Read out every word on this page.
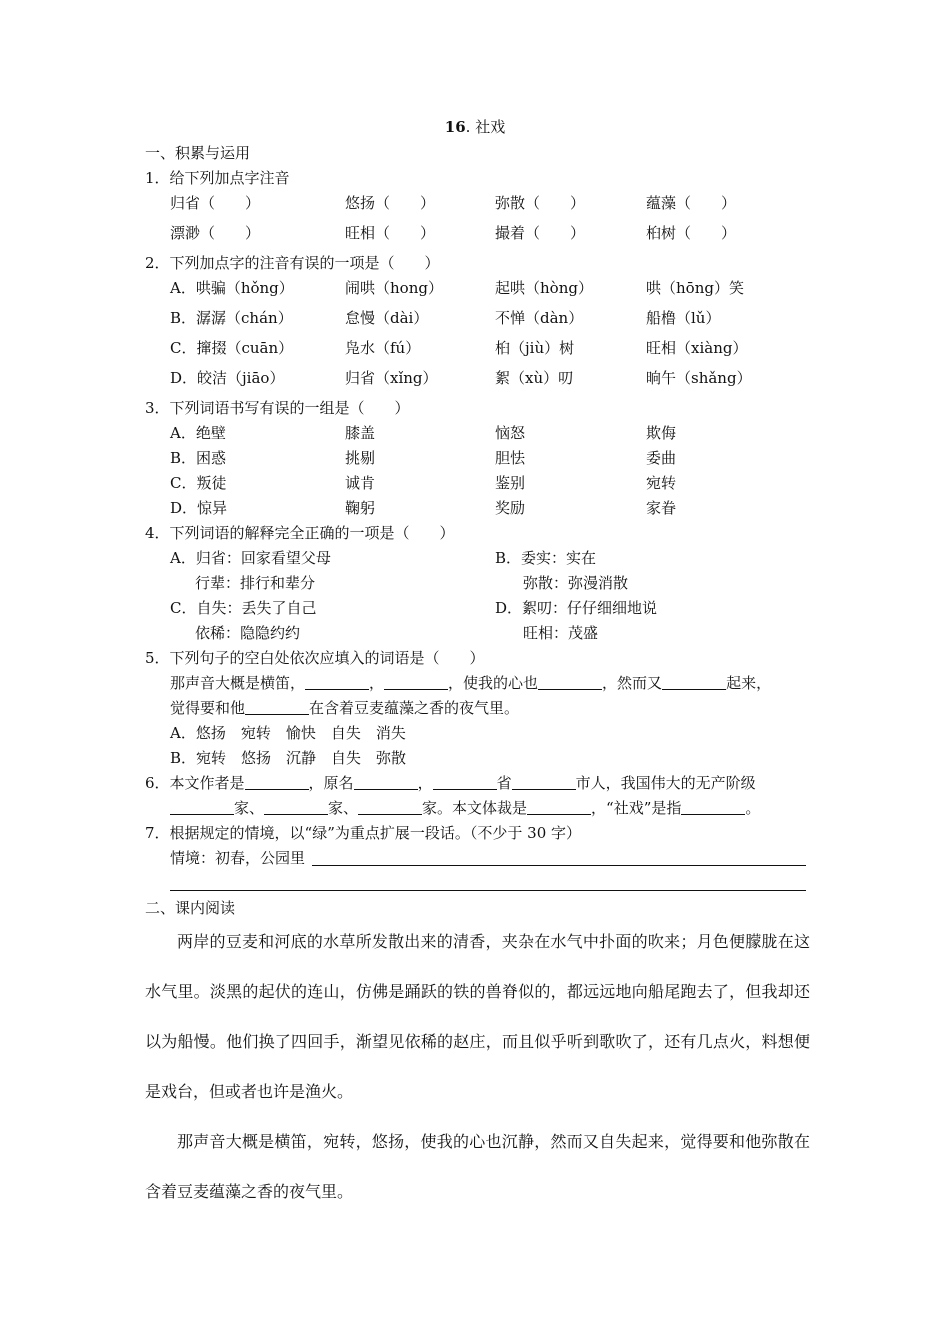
16. 社戏
一、积累与运用
1．给下列加点字注音
归省（　　）	悠扬（　　）	弥散（　　）	蕴藻（　　）
漂渺（　　）	旺相（　　）	撮着（　　）	桕树（　　）
2．下列加点字的注音有误的一项是（　　）
A．哄骗（hǒng）	闹哄（hong）	起哄（hòng）	哄（hōng）笑
B．潺潺（chán）	怠慢（dài）	不惮（dàn）	船橹（lǔ）
C．撺掇（cuān）	凫水（fú）	桕（jiù）树	旺相（xiàng）
D．皎洁（jiāo）	归省（xǐng）	絮（xù）叨	晌午（shǎng）
3．下列词语书写有误的一组是（　　）
A．绝壁	膝盖	恼怒	欺侮
B．困惑	挑剔	胆怯	委曲
C．叛徒	诚肯	鉴别	宛转
D．惊异	鞠躬	奖励	家眷
4．下列词语的解释完全正确的一项是（　　）
A．归省：回家看望父母	B．委实：实在
行辈：排行和辈分	弥散：弥漫消散
C．自失：丢失了自己	D．絮叨：仔仔细细地说
依稀：隐隐约约	旺相：茂盛
5．下列句子的空白处依次应填入的词语是（　　）
那声音大概是横笛，	，	，使我的心也	，然而又	起来，
觉得要和他	在含着豆麦蕴藻之香的夜气里。
A．悠扬　宛转　愉快　自失　消失
B．宛转　悠扬　沉静　自失　弥散
6．本文作者是	，原名	，	省	市人，我国伟大的无产阶级
家、	家、	家。本文体裁是	，“社戏”是指	。
7．根据规定的情境，以“绿”为重点扩展一段话。（不少于 30 字）
情境：初春，公园里
二、课内阅读
两岸的豆麦和河底的水草所发散出来的清香，夹杂在水气中扑面的吹来；月色便朦胧在这水气里。淡黑的起伏的连山，仿佛是踊跃的铁的兽脊似的，都远远地向船尾跑去了，但我却还以为船慢。他们换了四回手，渐望见依稀的赵庄，而且似乎听到歌吹了，还有几点火，料想便是戏台，但或者也许是渔火。
那声音大概是横笛，宛转，悠扬，使我的心也沉静，然而又自失起来，觉得要和他弥散在含着豆麦蕴藻之香的夜气里。
